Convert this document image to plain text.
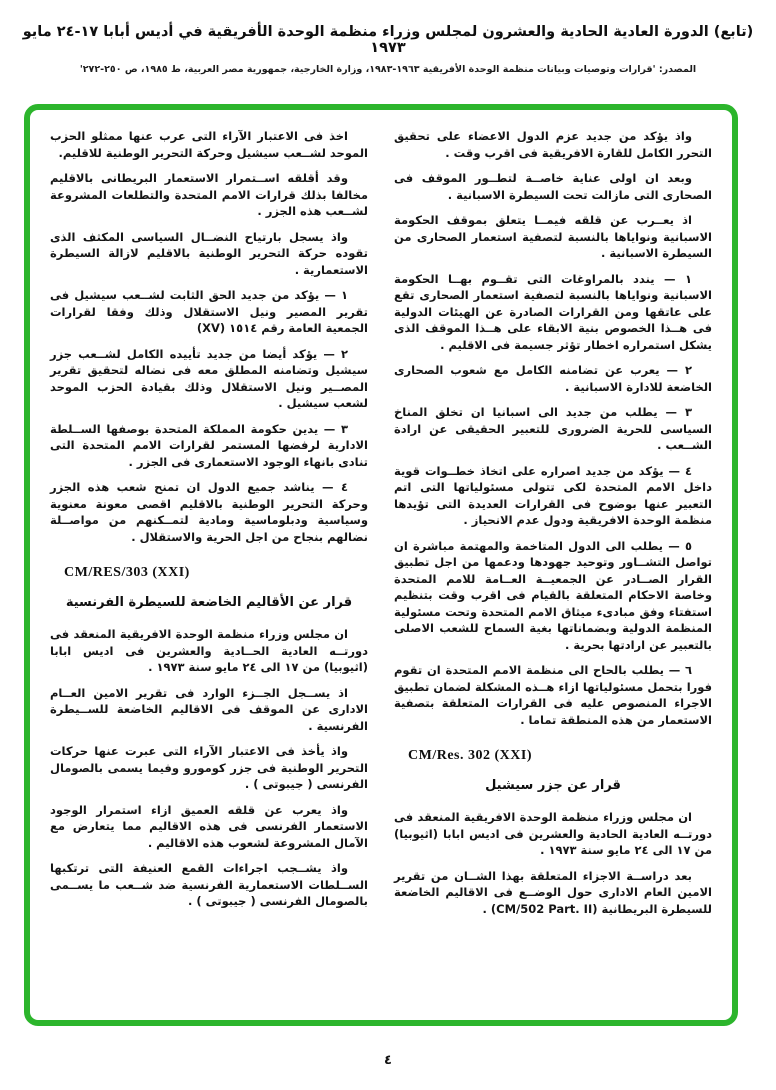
(تابع) الدورة العادية الحادية والعشرون لمجلس وزراء منظمة الوحدة الأفريقية في أديس أبابا ١٧-٢٤ مايو ١٩٧٣
المصدر: 'قرارات وتوصيات وبيانات منظمة الوحدة الأفريقية ١٩٦٣-١٩٨٣، وزارة الخارجية، جمهورية مصر العربية، ط ١٩٨٥، ص ٢٥٠-٢٧٢'

واذ يؤكد من جديد عزم الدول الاعضاء على تحقيق التحرر الكامل للقارة الافريقية فى اقرب وقت .

وبعد ان اولى عناية خاصــة لتطــور الموقف فى الصحارى التى مازالت تحت السيطرة الاسبانية .

اذ يعــرب عن قلقه فيمــا يتعلق بموقف الحكومة الاسبانية ونواياها بالنسبة لتصفية استعمار الصحارى من السيطرة الاسبانية .

١ — يندد بالمراوغات التى تقــوم بهــا الحكومة الاسبانية ونواياها بالنسبة لتصفية استعمار الصحارى تقع على عاتقها ومن القرارات الصادرة عن الهيئات الدولية فى هــذا الخصوص بنية الابقاء على هــذا الموقف الذى يشكل استمراره اخطار تؤثر جسيمة فى الاقليم .

٢ — يعرب عن تضامنه الكامل مع شعوب الصحارى الخاضعة للادارة الاسبانية .

٣ — يطلب من جديد الى اسبانيا ان تخلق المناخ السياسى للحرية الضرورى للتعبير الحقيقى عن ارادة الشــعب .

٤ — يؤكد من جديد اصراره على اتخاذ خطــوات قوية داخل الامم المتحدة لكى تتولى مسئولياتها التى اتم التعبير عنها بوضوح فى القرارات العديدة التى تؤيدها منظمة الوحدة الافريقية ودول عدم الانحياز .

٥ — يطلب الى الدول المتاخمة والمهتمة مباشرة ان تواصل التشــاور وتوحيد جهودها ودعمها من اجل تطبيق القرار الصــادر عن الجمعيــة العــامة للامم المتحدة وخاصة الاحكام المتعلقة بالقيام فى اقرب وقت بتنظيم استفتاء وفق مبادىء ميثاق الامم المتحدة وتحت مسئولية المنظمة الدولية وبضماناتها بغية السماح للشعب الاصلى بالتعبير عن ارادتها بحرية .

٦ — يطلب بالحاح الى منظمة الامم المتحدة ان تقوم فورا بتحمل مسئولياتها ازاء هــذه المشكلة لضمان تطبيق الاجراء المنصوص عليه فى القرارات المتعلقة بتصفية الاستعمار من هذه المنطقة تماما .

CM/Res. 302 (XXI)
قرار عن جزر سيشيل

ان مجلس وزراء منظمة الوحدة الافريقية المنعقد فى دورتــه العادية الحادية والعشرين فى اديس ابابا (اثيوبيا) من ١٧ الى ٢٤ مايو سنة ١٩٧٣ .

بعد دراســة الاجزاء المتعلقة بهذا الشــان من تقرير الامين العام الادارى حول الوضــع فى الاقاليم الخاضعة للسيطرة البريطانية (CM/502 Part. II) .

اخذ فى الاعتبار الآراء التى عرب عنها ممثلو الحزب الموحد لشــعب سيشيل وحركة التحرير الوطنية للاقليم.

وقد أقلقه اســتمرار الاستعمار البريطانى بالاقليم مخالفا بذلك قرارات الامم المتحدة والتطلعات المشروعة لشــعب هذه الجزر .

واذ يسجل بارتياح النضــال السياسى المكثف الذى تقوده حركة التحرير الوطنية بالاقليم لازالة السيطرة الاستعمارية .

١ — يؤكد من جديد الحق الثابت لشــعب سيشيل فى تقرير المصير ونيل الاستقلال وذلك وفقا لقرارات الجمعية العامة رقم ١٥١٤ (XV)

٢ — يؤكد أيضا من جديد تأييده الكامل لشــعب جزر سيشيل وتضامنه المطلق معه فى نضاله لتحقيق تقرير المصــير ونيل الاستقلال وذلك بقيادة الحزب الموحد لشعب سيشيل .

٣ — يدين حكومة المملكة المتحدة بوصفها الســلطة الادارية لرفضها المستمر لقرارات الامم المتحدة التى تنادى بانهاء الوجود الاستعمارى فى الجزر .

٤ — يناشد جميع الدول ان تمنح شعب هذه الجزر وحركة التحرير الوطنية بالاقليم اقصى معونة معنوية وسياسية ودبلوماسية ومادية لتمــكنهم من مواصــلة نضالهم بنجاح من اجل الحرية والاستقلال .

CM/RES/303 (XXI)
قرار عن الأقاليم الخاضعة للسيطرة الفرنسية

ان مجلس وزراء منظمة الوحدة الافريقية المنعقد فى دورتــه العادية الحــادية والعشرين فى اديس ابابا (اثيوبيا) من ١٧ الى ٢٤ مايو سنة ١٩٧٣ .

اذ يســجل الجــزء الوارد فى تقرير الامين العــام الادارى عن الموقف فى الاقاليم الخاضعة للســيطرة الفرنسية .

واذ يأخذ فى الاعتبار الآراء التى عبرت عنها حركات التحرير الوطنية فى جزر كومورو وفيما يسمى بالصومال الفرنسى ( جيبوتى ) .

واذ يعرب عن قلقه العميق ازاء استمرار الوجود الاستعمار الفرنسى فى هذه الاقاليم مما يتعارض مع الآمال المشروعة لشعوب هذه الاقاليم .

واذ يشــجب اجراءات القمع العنيفة التى ترتكبها الســلطات الاستعمارية الفرنسية ضد شــعب ما يســمى بالصومال الفرنسى ( جيبوتى ) .

٤
